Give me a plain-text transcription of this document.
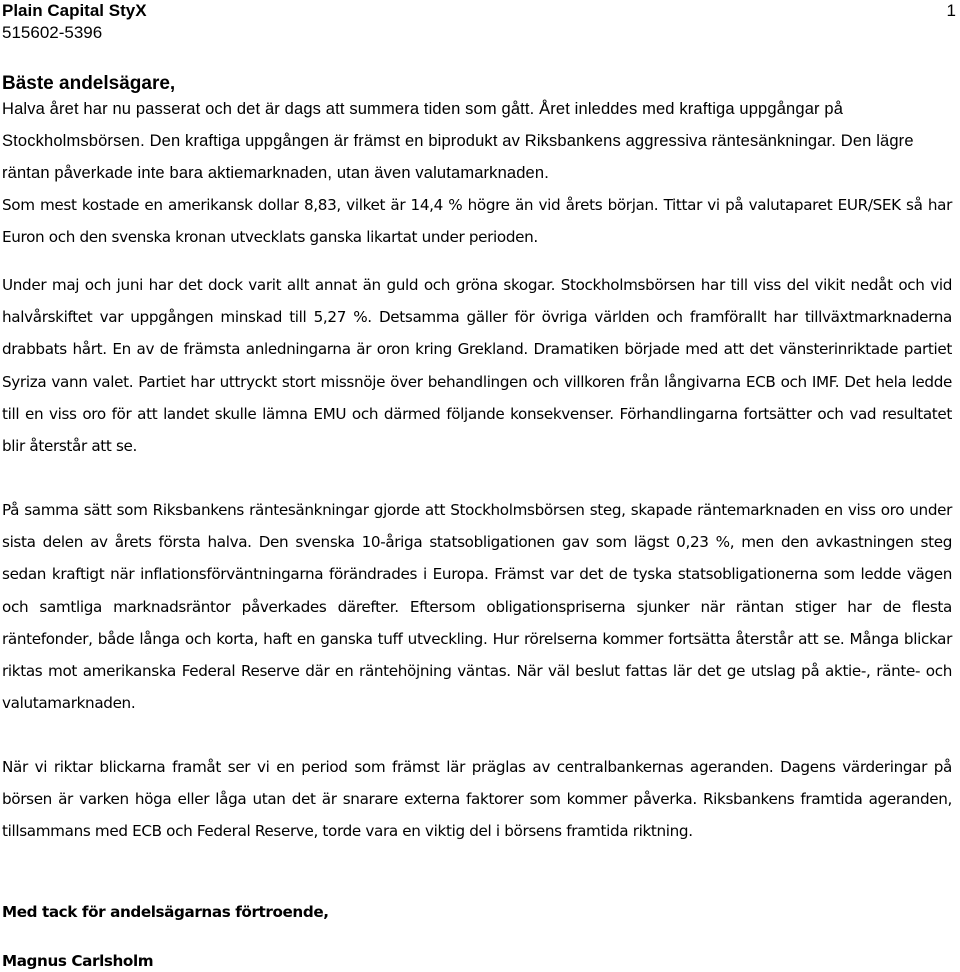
Plain Capital StyX
515602-5396
1
Bäste andelsägare,
Halva året har nu passerat och det är dags att summera tiden som gått. Året inleddes med kraftiga uppgångar på Stockholmsbörsen. Den kraftiga uppgången är främst en biprodukt av Riksbankens aggressiva räntesänkningar. Den lägre räntan påverkade inte bara aktiemarknaden, utan även valutamarknaden.
Som mest kostade en amerikansk dollar 8,83, vilket är 14,4 % högre än vid årets början. Tittar vi på valutaparet EUR/SEK så har Euron och den svenska kronan utvecklats ganska likartat under perioden.
Under maj och juni har det dock varit allt annat än guld och gröna skogar. Stockholmsbörsen har till viss del vikit nedåt och vid halvårskiftet var uppgången minskad till 5,27 %. Detsamma gäller för övriga världen och framförallt har tillväxtmarknaderna drabbats hårt. En av de främsta anledningarna är oron kring Grekland. Dramatiken började med att det vänsterinriktade partiet Syriza vann valet. Partiet har uttryckt stort missnöje över behandlingen och villkoren från långivarna ECB och IMF. Det hela ledde till en viss oro för att landet skulle lämna EMU och därmed följande konsekvenser. Förhandlingarna fortsätter och vad resultatet blir återstår att se.
På samma sätt som Riksbankens räntesänkningar gjorde att Stockholmsbörsen steg, skapade räntemarknaden en viss oro under sista delen av årets första halva. Den svenska 10-åriga statsobligationen gav som lägst 0,23 %, men den avkastningen steg sedan kraftigt när inflationsförväntningarna förändrades i Europa. Främst var det de tyska statsobligationerna som ledde vägen och samtliga marknadsräntor påverkades därefter. Eftersom obligationspriserna sjunker när räntan stiger har de flesta räntefonder, både långa och korta, haft en ganska tuff utveckling. Hur rörelserna kommer fortsätta återstår att se. Många blickar riktas mot amerikanska Federal Reserve där en räntehöjning väntas. När väl beslut fattas lär det ge utslag på aktie-, ränte- och valutamarknaden.
När vi riktar blickarna framåt ser vi en period som främst lär präglas av centralbankernas ageranden. Dagens värderingar på börsen är varken höga eller låga utan det är snarare externa faktorer som kommer påverka. Riksbankens framtida ageranden, tillsammans med ECB och Federal Reserve, torde vara en viktig del i börsens framtida riktning.
Med tack för andelsägarnas förtroende,
Magnus Carlsholm
